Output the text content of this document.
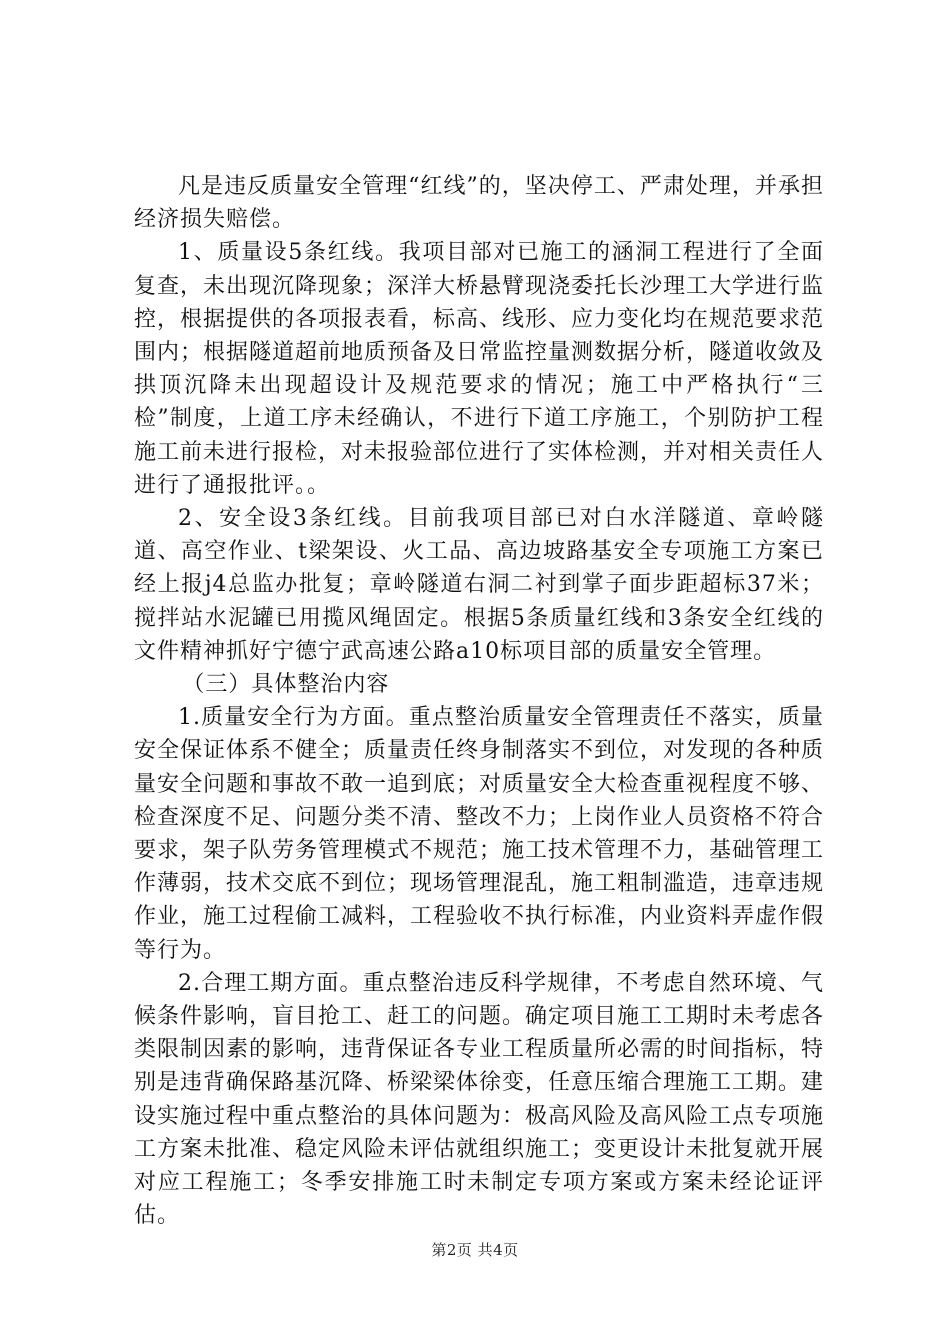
凡是违反质量安全管理“红线”的，坚决停工、严肃处理，并承担经济损失赔偿。

1、质量设5条红线。我项目部对已施工的涵洞工程进行了全面复查，未出现沉降现象；深洋大桥悬臂现浇委托长沙理工大学进行监控，根据提供的各项报表看，标高、线形、应力变化均在规范要求范围内；根据隧道超前地质预备及日常监控量测数据分析，隧道收敛及拱顶沉降未出现超设计及规范要求的情况；施工中严格执行“三检”制度，上道工序未经确认，不进行下道工序施工，个别防护工程施工前未进行报检，对未报验部位进行了实体检测，并对相关责任人进行了通报批评。。

2、安全设3条红线。目前我项目部已对白水洋隧道、章岭隧道、高空作业、t梁架设、火工品、高边坡路基安全专项施工方案已经上报j4总监办批复；章岭隧道右洞二衬到掌子面步距超标37米；搅拌站水泥罐已用揽风绳固定。根据5条质量红线和3条安全红线的文件精神抓好宁德宁武高速公路a10标项目部的质量安全管理。

（三）具体整治内容

1.质量安全行为方面。重点整治质量安全管理责任不落实，质量安全保证体系不健全；质量责任终身制落实不到位，对发现的各种质量安全问题和事故不敢一追到底；对质量安全大检查重视程度不够、检查深度不足、问题分类不清、整改不力；上岗作业人员资格不符合要求，架子队劳务管理模式不规范；施工技术管理不力，基础管理工作薄弱，技术交底不到位；现场管理混乱，施工粗制滥造，违章违规作业，施工过程偷工减料，工程验收不执行标准，内业资料弄虚作假等行为。

2.合理工期方面。重点整治违反科学规律，不考虑自然环境、气候条件影响，盲目抢工、赶工的问题。确定项目施工工期时未考虑各类限制因素的影响，违背保证各专业工程质量所必需的时间指标，特别是违背确保路基沉降、桥梁梁体徐变，任意压缩合理施工工期。建设实施过程中重点整治的具体问题为：极高风险及高风险工点专项施工方案未批准、稳定风险未评估就组织施工；变更设计未批复就开展对应工程施工；冬季安排施工时未制定专项方案或方案未经论证评估。

第2页 共4页
